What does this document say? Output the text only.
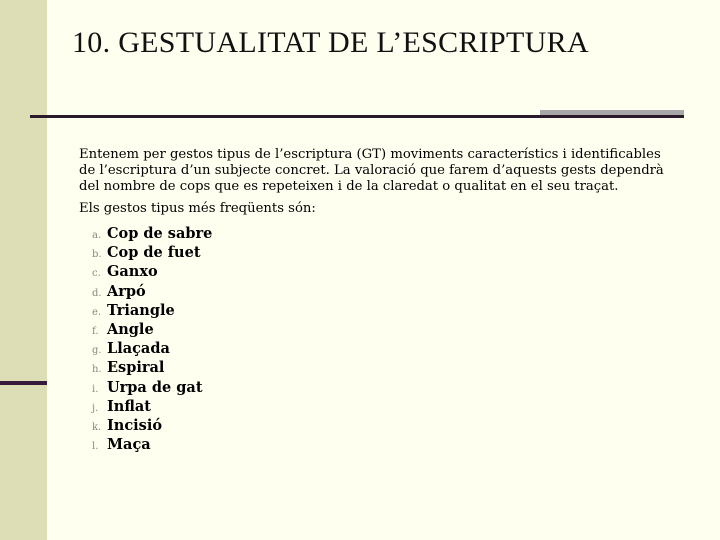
10. GESTUALITAT DE L’ESCRIPTURA

Entenem per gestos tipus de l’escriptura (GT) moviments característics i identificables de l’escriptura d’un subjecte concret. La valoració que farem d’aquests gests dependrà del nombre de cops que es repeteixen i de la claredat o qualitat en el seu traçat.

Els gestos tipus més freqüents són:

a. Cop de sabre
b. Cop de fuet
c. Ganxo
d. Arpó
e. Triangle
f. Angle
g. Llaçada
h. Espiral
i. Urpa de gat
j. Inflat
k. Incisió
l. Maça
